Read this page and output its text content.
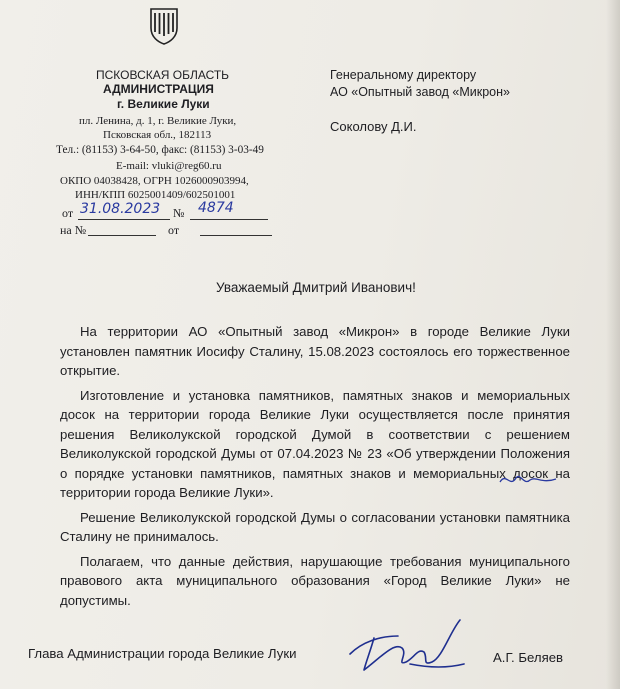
ПСКОВСКАЯ ОБЛАСТЬ
АДМИНИСТРАЦИЯ
г. Великие Луки
пл. Ленина, д. 1, г. Великие Луки,
Псковская обл., 182113
Тел.: (81153) 3-64-50, факс: (81153) 3-03-49
E-mail: vluki@reg60.ru
ОКПО 04038428, ОГРН 1026000903994,
ИНН/КПП 6025001409/602501001
от 31.08.2023 № 4874
на №	от
Генеральному директору
АО «Опытный завод «Микрон»
Соколову Д.И.
Уважаемый Дмитрий Иванович!

На территории АО «Опытный завод «Микрон» в городе Великие Луки установлен памятник Иосифу Сталину, 15.08.2023 состоялось его торжественное открытие.

Изготовление и установка памятников, памятных знаков и мемориальных досок на территории города Великие Луки осуществляется после принятия решения Великолукской городской Думой в соответствии с решением Великолукской городской Думы от 07.04.2023 № 23 «Об утверждении Положения о порядке установки памятников, памятных знаков и мемориальных досок на территории города Великие Луки».

Решение Великолукской городской Думы о согласовании установки памятника Сталину не принималось.

Полагаем, что данные действия, нарушающие требования муниципального правового акта муниципального образования «Город Великие Луки» не допустимы.

Глава Администрации города Великие Луки	А.Г. Беляев
